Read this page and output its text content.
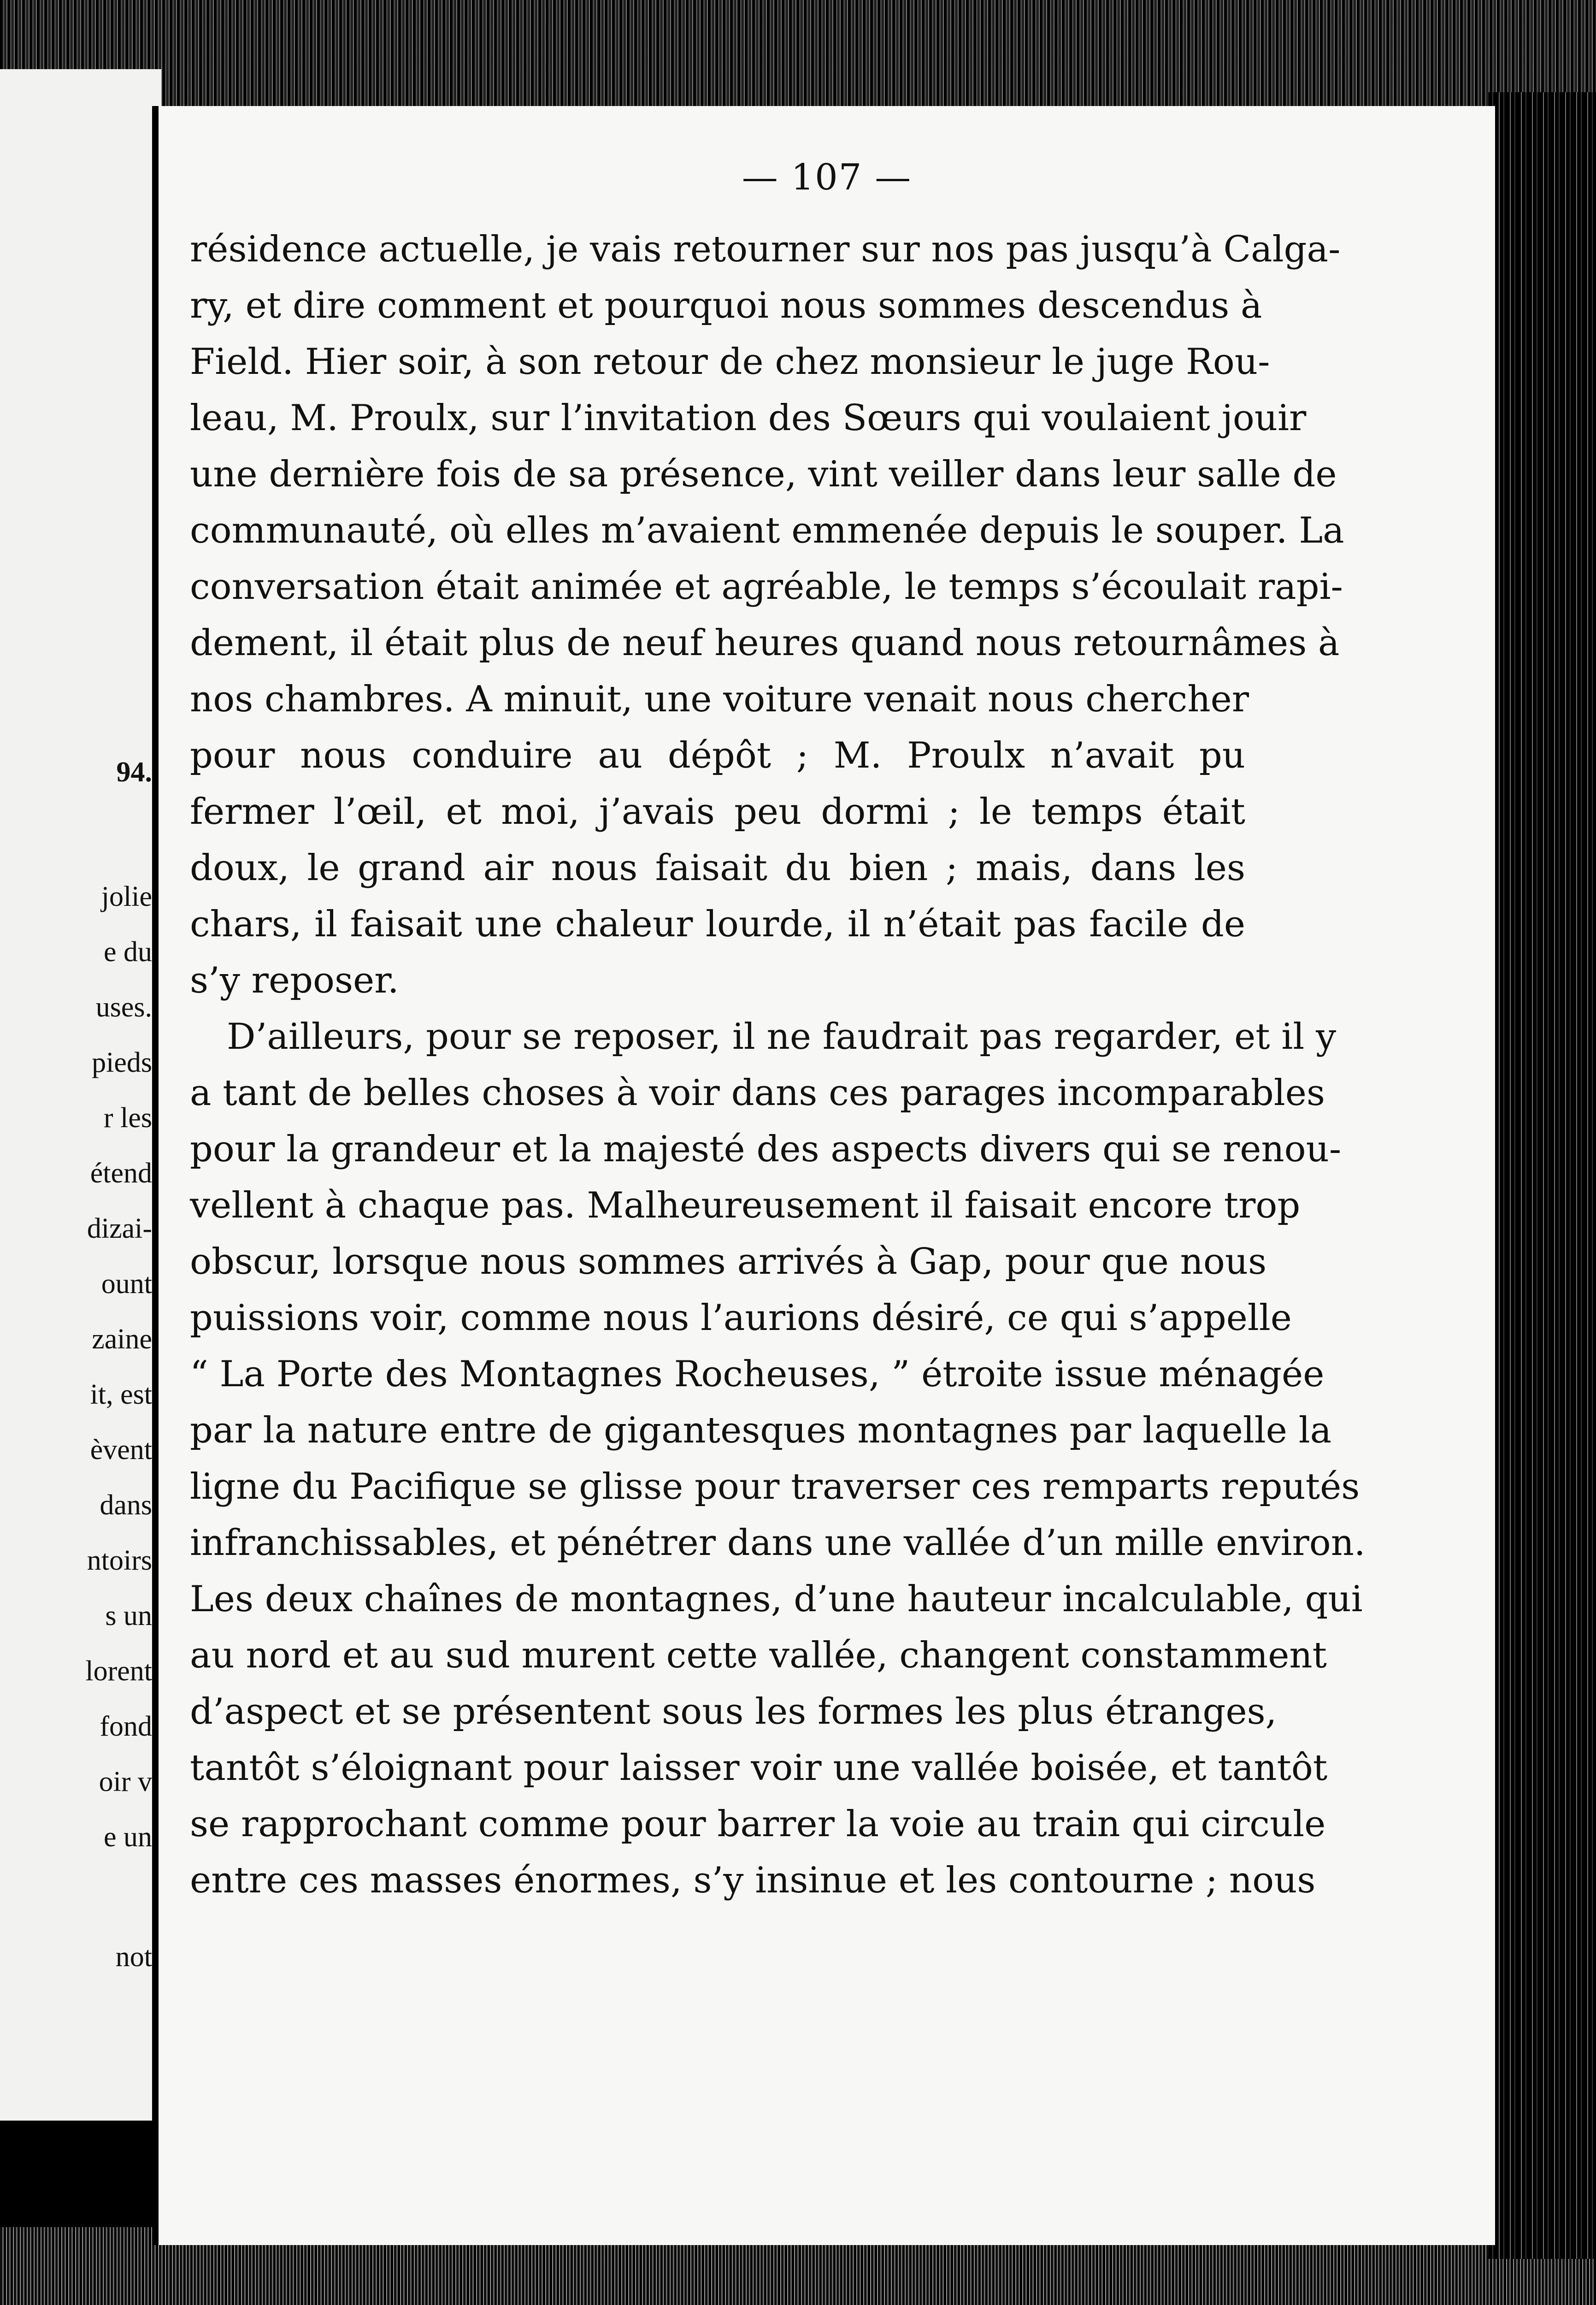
94.
jolie
e du
uses.
pieds
r les
étend
dizai-
ount
zaine
it, est
èvent
dans
ntoirs
s un
lorent
fond
oir v
e un
not
— 107 —
résidence actuelle, je vais retourner sur nos pas jusqu’à Calga-
ry, et dire comment et pourquoi nous sommes descendus à
Field. Hier soir, à son retour de chez monsieur le juge Rou-
leau, M. Proulx, sur l’invitation des Sœurs qui voulaient jouir
une dernière fois de sa présence, vint veiller dans leur salle de
communauté, où elles m’avaient emmenée depuis le souper. La
conversation était animée et agréable, le temps s’écoulait rapi-
dement, il était plus de neuf heures quand nous retournâmes à
nos chambres. A minuit, une voiture venait nous chercher
pour nous conduire au dépôt ; M. Proulx n’avait pu
fermer l’œil, et moi, j’avais peu dormi ; le temps était
doux, le grand air nous faisait du bien ; mais, dans les
chars, il faisait une chaleur lourde, il n’était pas facile de
s’y reposer.
D’ailleurs, pour se reposer, il ne faudrait pas regarder, et il y
a tant de belles choses à voir dans ces parages incomparables
pour la grandeur et la majesté des aspects divers qui se renou-
vellent à chaque pas. Malheureusement il faisait encore trop
obscur, lorsque nous sommes arrivés à Gap, pour que nous
puissions voir, comme nous l’aurions désiré, ce qui s’appelle
“ La Porte des Montagnes Rocheuses, ” étroite issue ménagée
par la nature entre de gigantesques montagnes par laquelle la
ligne du Pacifique se glisse pour traverser ces remparts reputés
infranchissables, et pénétrer dans une vallée d’un mille environ.
Les deux chaînes de montagnes, d’une hauteur incalculable, qui
au nord et au sud murent cette vallée, changent constamment
d’aspect et se présentent sous les formes les plus étranges,
tantôt s’éloignant pour laisser voir une vallée boisée, et tantôt
se rapprochant comme pour barrer la voie au train qui circule
entre ces masses énormes, s’y insinue et les contourne ; nous
